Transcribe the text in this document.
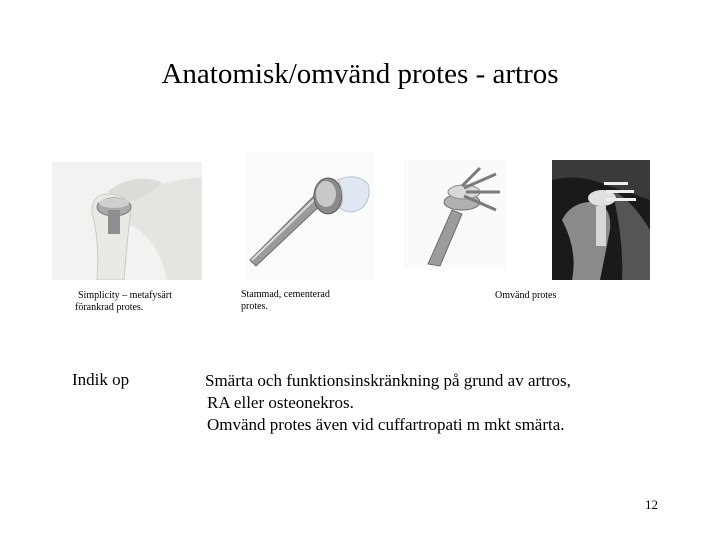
Anatomisk/omvänd protes - artros
Simplicity – metafysärt
förankrad protes.
Stammad, cementerad
protes.
Omvänd protes
Indik op	Smärta och funktionsinskränkning på grund av artros,
RA eller osteonekros.
Omvänd protes även vid cuffartropati m mkt smärta.
12
